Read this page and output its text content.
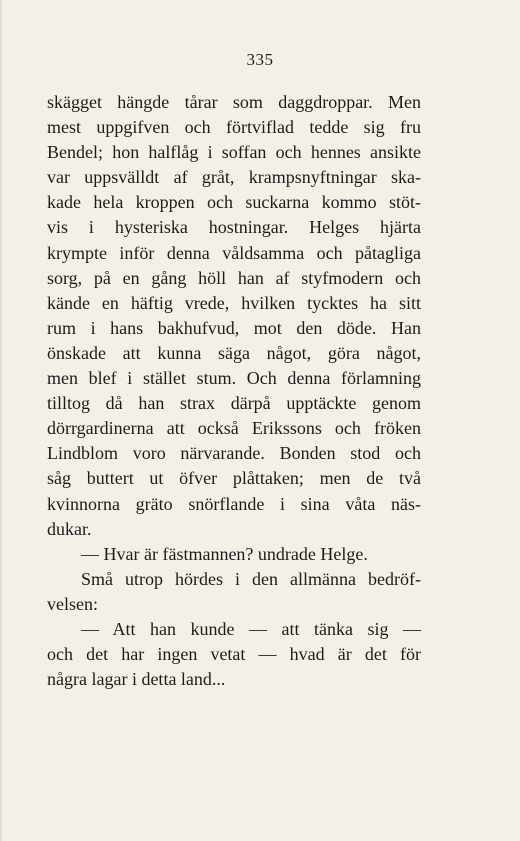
335
skägget hängde tårar som daggdroppar. Men
mest uppgifven och förtviflad tedde sig fru
Bendel; hon halflåg i soffan och hennes ansikte
var uppsvälldt af gråt, krampsnyftningar ska-
kade hela kroppen och suckarna kommo stöt-
vis i hysteriska hostningar. Helges hjärta
krympte inför denna våldsamma och påtagliga
sorg, på en gång höll han af styfmodern och
kände en häftig vrede, hvilken tycktes ha sitt
rum i hans bakhufvud, mot den döde. Han
önskade att kunna säga något, göra något,
men blef i stället stum. Och denna förlamning
tilltog då han strax därpå upptäckte genom
dörrgardinerna att också Erikssons och fröken
Lindblom voro närvarande. Bonden stod och
såg buttert ut öfver plåttaken; men de två
kvinnorna gräto snörflande i sina våta näs-
dukar.
— Hvar är fästmannen? undrade Helge.
Små utrop hördes i den allmänna bedröf-
velsen:
— Att han kunde — att tänka sig —
och det har ingen vetat — hvad är det för
några lagar i detta land...
